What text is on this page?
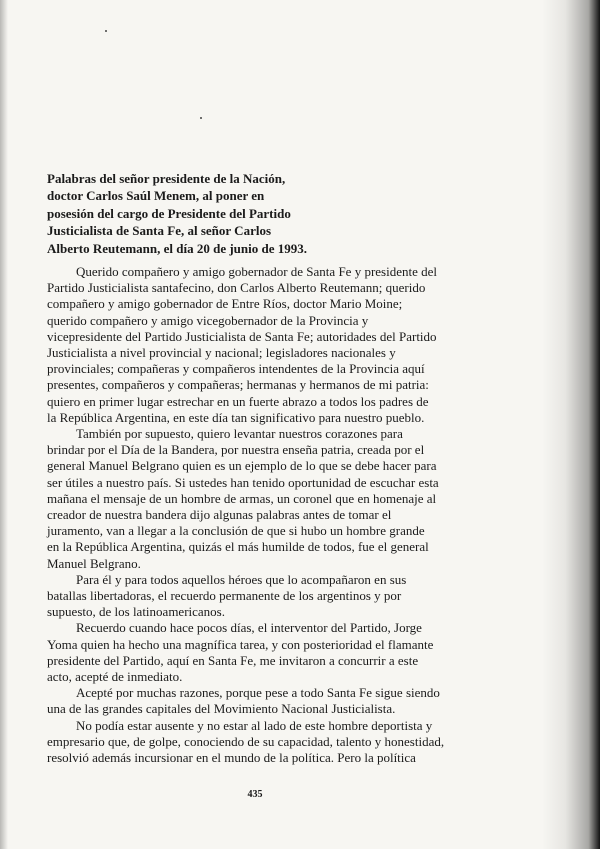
Palabras del señor presidente de la Nación,
doctor Carlos Saúl Menem, al poner en
posesión del cargo de Presidente del Partido
Justicialista de Santa Fe, al señor Carlos
Alberto Reutemann, el día 20 de junio de 1993.
Querido compañero y amigo gobernador de Santa Fe y presidente del
Partido Justicialista santafecino, don Carlos Alberto Reutemann; querido
compañero y amigo gobernador de Entre Ríos, doctor Mario Moine;
querido compañero y amigo vicegobernador de la Provincia y
vicepresidente del Partido Justicialista de Santa Fe; autoridades del Partido
Justicialista a nivel provincial y nacional; legisladores nacionales y
provinciales; compañeras y compañeros intendentes de la Provincia aquí
presentes, compañeros y compañeras; hermanas y hermanos de mi patria:
quiero en primer lugar estrechar en un fuerte abrazo a todos los padres de
la República Argentina, en este día tan significativo para nuestro pueblo.
También por supuesto, quiero levantar nuestros corazones para
brindar por el Día de la Bandera, por nuestra enseña patria, creada por el
general Manuel Belgrano quien es un ejemplo de lo que se debe hacer para
ser útiles a nuestro país. Si ustedes han tenido oportunidad de escuchar esta
mañana el mensaje de un hombre de armas, un coronel que en homenaje al
creador de nuestra bandera dijo algunas palabras antes de tomar el
juramento, van a llegar a la conclusión de que si hubo un hombre grande
en la República Argentina, quizás el más humilde de todos, fue el general
Manuel Belgrano.
Para él y para todos aquellos héroes que lo acompañaron en sus
batallas libertadoras, el recuerdo permanente de los argentinos y por
supuesto, de los latinoamericanos.
Recuerdo cuando hace pocos días, el interventor del Partido, Jorge
Yoma quien ha hecho una magnífica tarea, y con posterioridad el flamante
presidente del Partido, aquí en Santa Fe, me invitaron a concurrir a este
acto, acepté de inmediato.
Acepté por muchas razones, porque pese a todo Santa Fe sigue siendo
una de las grandes capitales del Movimiento Nacional Justicialista.
No podía estar ausente y no estar al lado de este hombre deportista y
empresario que, de golpe, conociendo de su capacidad, talento y honestidad,
resolvió además incursionar en el mundo de la política. Pero la política
435
